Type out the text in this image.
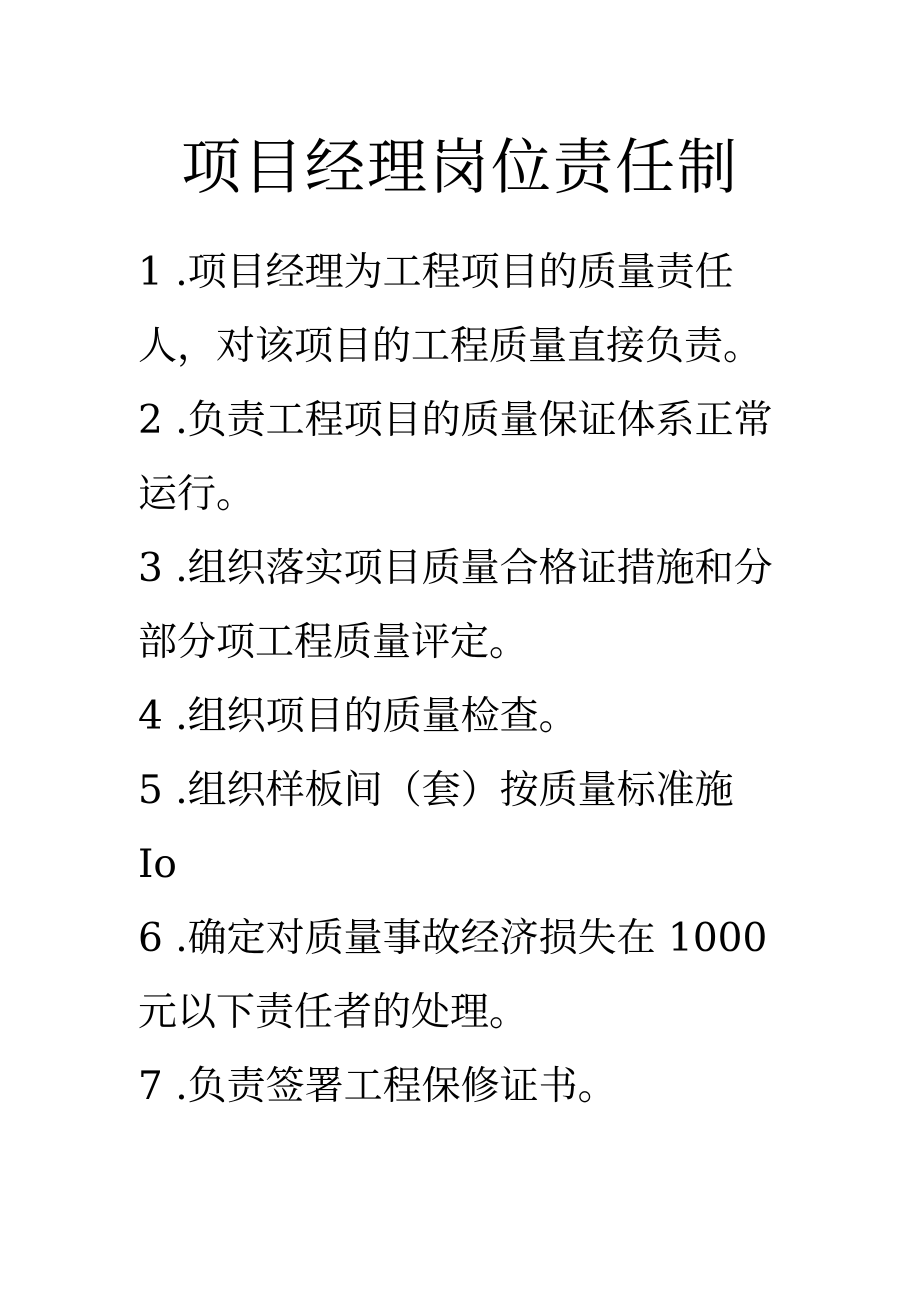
项目经理岗位责任制
1 .项目经理为工程项目的质量责任
人，对该项目的工程质量直接负责。
2 .负责工程项目的质量保证体系正常
运行。
3 .组织落实项目质量合格证措施和分
部分项工程质量评定。
4 .组织项目的质量检查。
5 .组织样板间（套）按质量标准施
Io
6 .确定对质量事故经济损失在 1000
元以下责任者的处理。
7 .负责签署工程保修证书。
